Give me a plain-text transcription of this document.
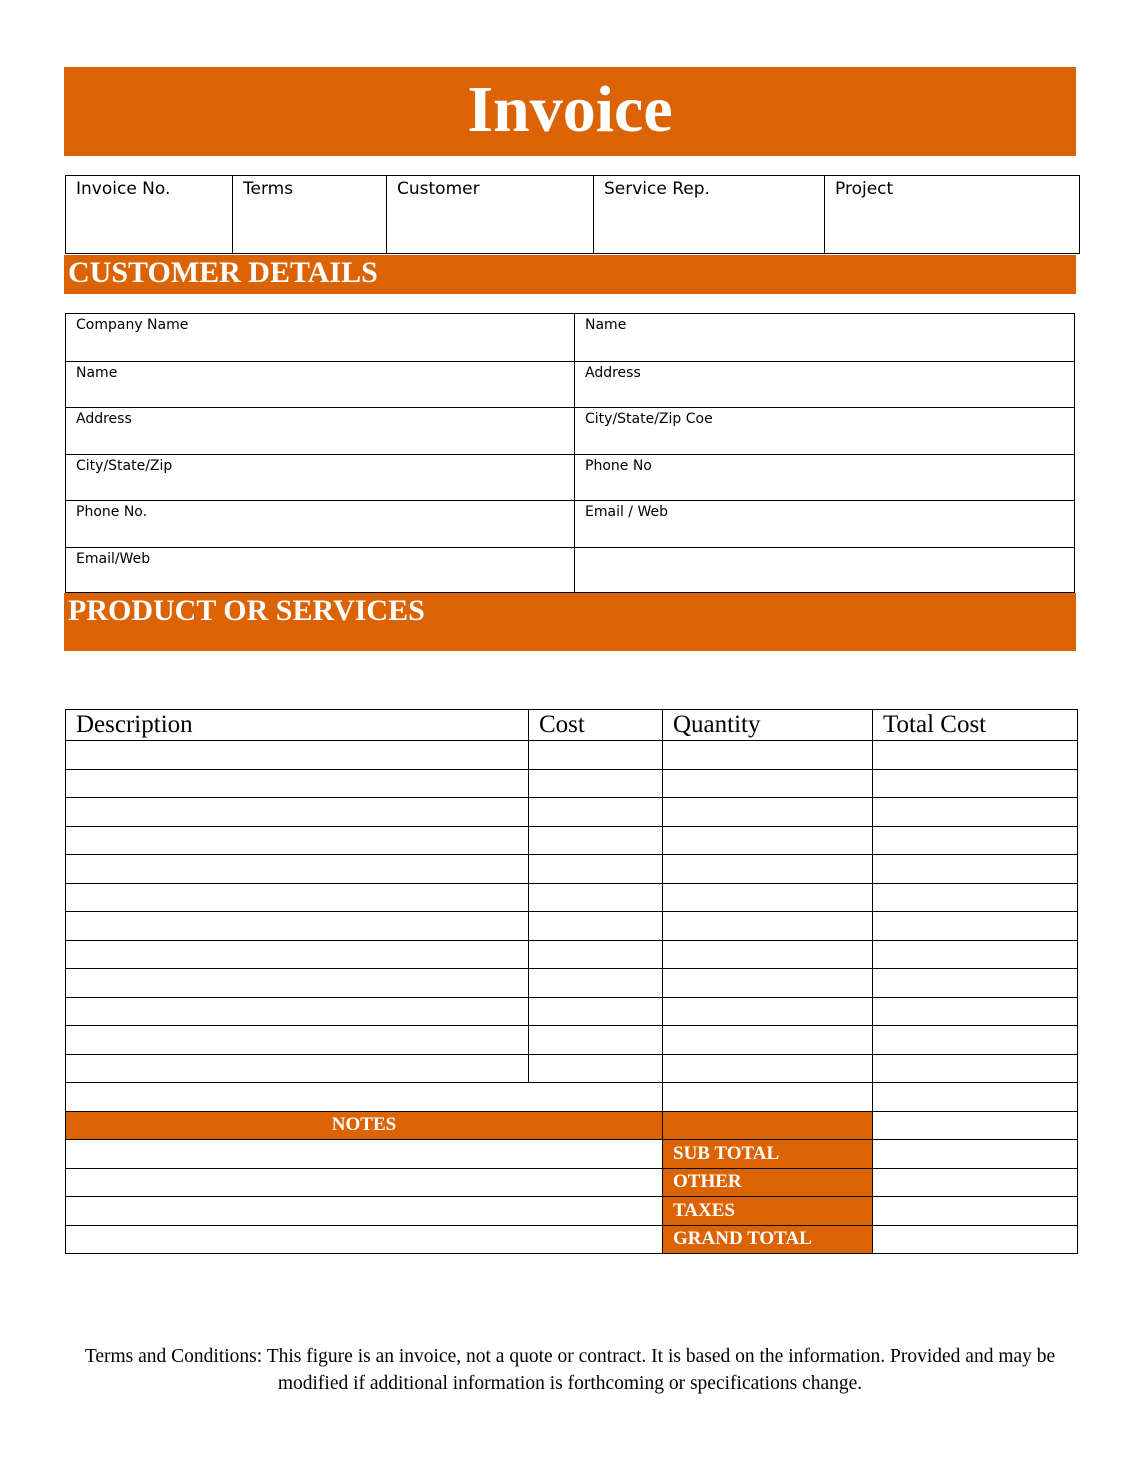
Invoice
Invoice No.	Terms	Customer	Service Rep.	Project
CUSTOMER DETAILS
Company Name	Name
Name	Address
Address	City/State/Zip Coe
City/State/Zip	Phone No
Phone No.	Email / Web
Email/Web
PRODUCT OR SERVICES
Description	Cost	Quantity	Total Cost

NOTES			
		SUB TOTAL	
		OTHER	
		TAXES	
		GRAND TOTAL	
Terms and Conditions: This figure is an invoice, not a quote or contract. It is based on the information. Provided and may be modified if additional information is forthcoming or specifications change.
